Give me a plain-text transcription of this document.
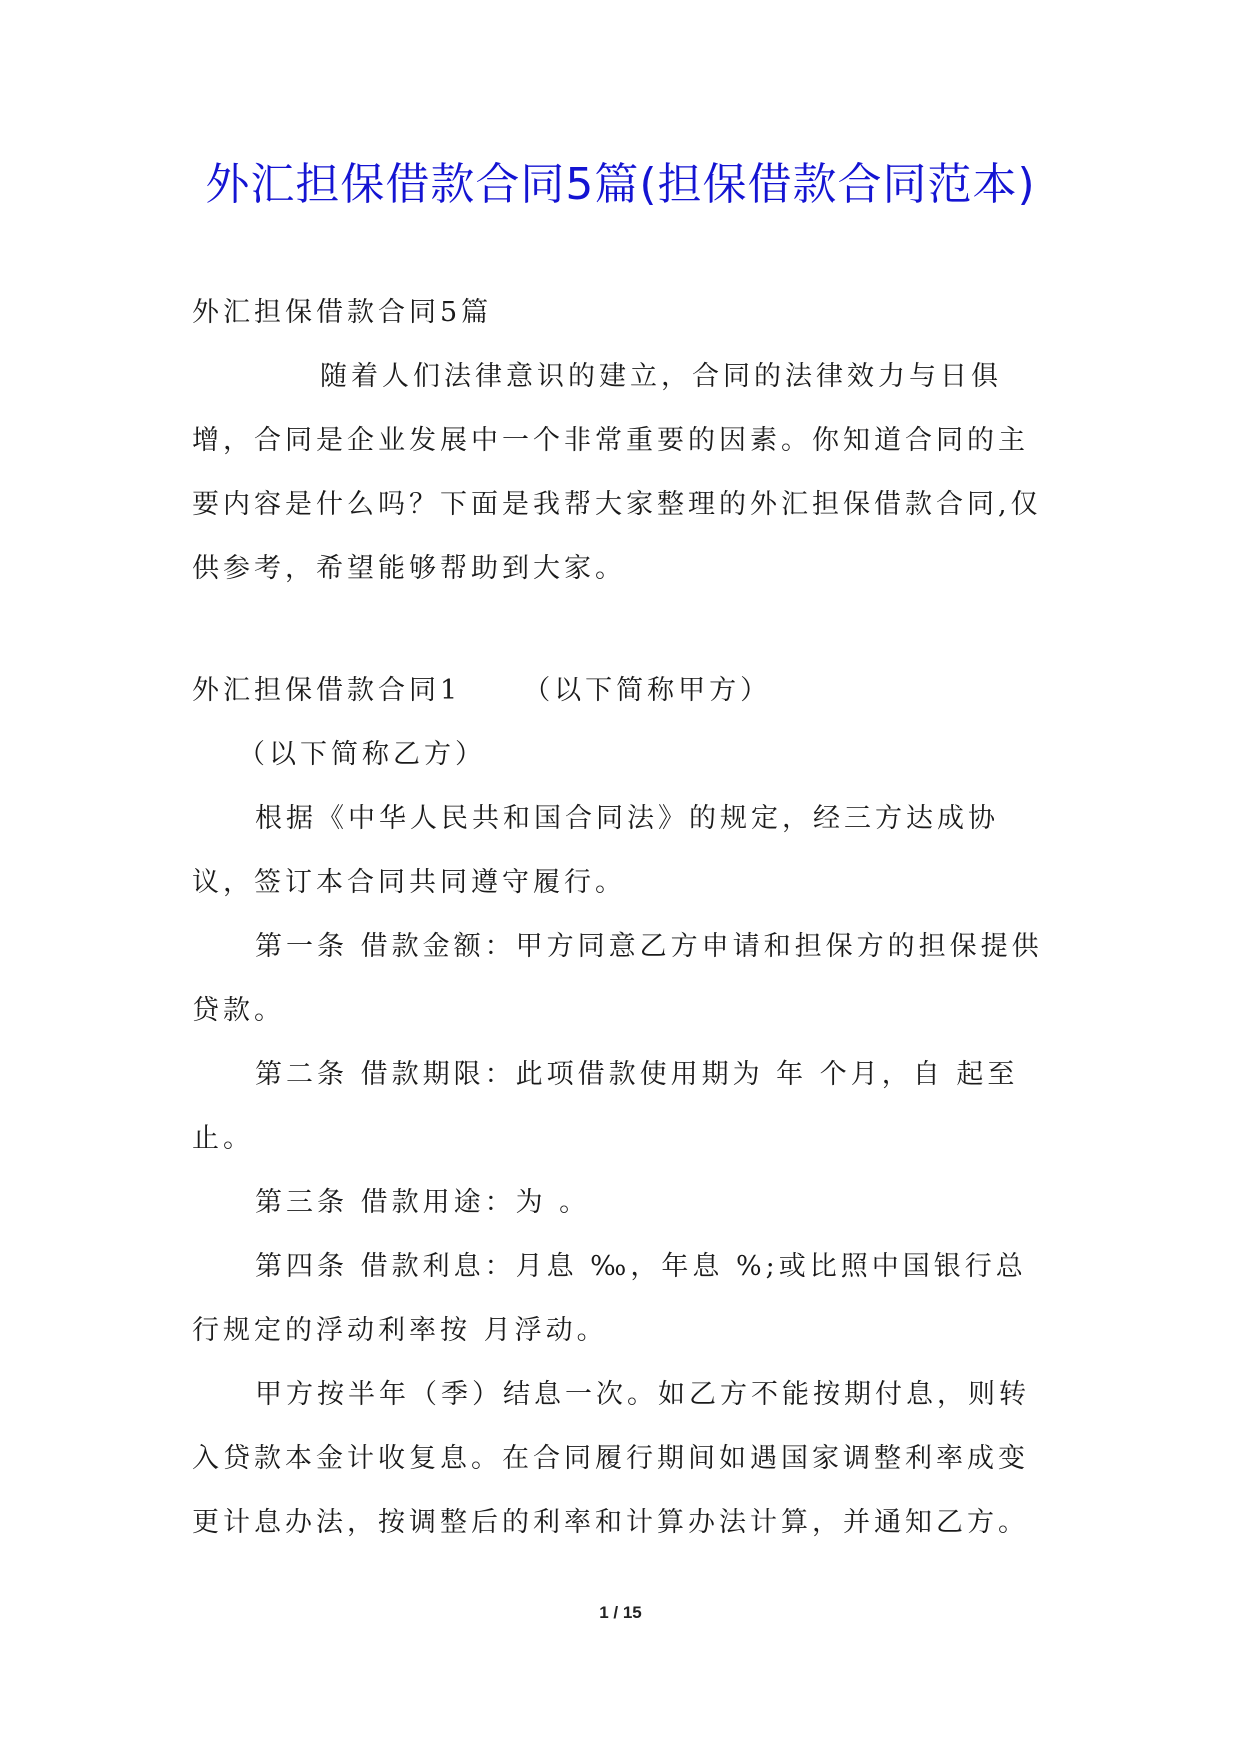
外汇担保借款合同5篇(担保借款合同范本)

外汇担保借款合同5篇

随着人们法律意识的建立，合同的法律效力与日俱增，合同是企业发展中一个非常重要的因素。你知道合同的主要内容是什么吗？下面是我帮大家整理的外汇担保借款合同,仅供参考，希望能够帮助到大家。

外汇担保借款合同1 （以下简称甲方）

（以下简称乙方）

根据《中华人民共和国合同法》的规定，经三方达成协议，签订本合同共同遵守履行。

第一条 借款金额：甲方同意乙方申请和担保方的担保提供贷款。

第二条 借款期限：此项借款使用期为 年 个月，自 起至 止。

第三条 借款用途：为 。

第四条 借款利息：月息 ‰，年息 %;或比照中国银行总行规定的浮动利率按 月浮动。

甲方按半年（季）结息一次。如乙方不能按期付息，则转入贷款本金计收复息。在合同履行期间如遇国家调整利率成变更计息办法，按调整后的利率和计算办法计算，并通知乙方。

1 / 15
